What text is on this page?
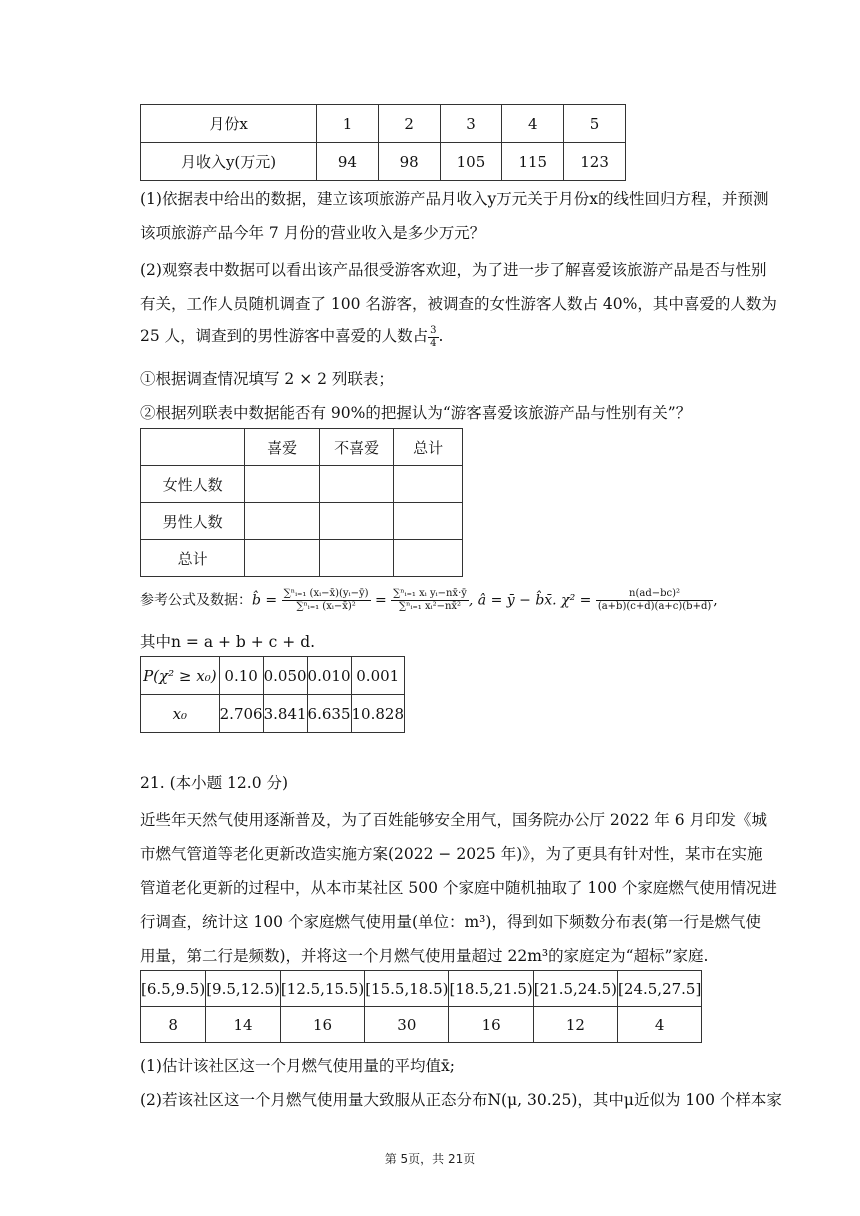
月份x	1	2	3	4	5
月收入y(万元)	94	98	105	115	123
(1)依据表中给出的数据，建立该项旅游产品月收入y万元关于月份x的线性回归方程，并预测
该项旅游产品今年 7 月份的营业收入是多少万元？
(2)观察表中数据可以看出该产品很受游客欢迎，为了进一步了解喜爱该旅游产品是否与性别
有关，工作人员随机调查了 100 名游客，被调查的女性游客人数占 40%，其中喜爱的人数为
25 人，调查到的男性游客中喜爱的人数占 $\frac{3}{4}$ .
①根据调查情况填写 2 × 2 列联表；
②根据列联表中数据能否有 90%的把握认为“游客喜爱该旅游产品与性别有关”？
	喜爱	不喜爱	总计
女性人数			
男性人数			
总计			
参考公式及数据：b̂ = $\frac{\text{∑ⁿᵢ₌₁ (xᵢ−x̄)(yᵢ−ȳ)}}{\text{∑ⁿᵢ₌₁ (xᵢ−x̄)²}} = \frac{\text{∑ⁿᵢ₌₁ xᵢ yᵢ−nx̄·ȳ}}{\text{∑ⁿᵢ₌₁ xᵢ²−nx̄²}}$ , â = ȳ − b̂x̄. $\chi^2 = \frac{\text{n(ad−bc)²}}{(a+b)(c+d)(a+c)(b+d)}$ ,
其中n = a + b + c + d.
P(χ² ≥ x₀)	0.10	0.050	0.010	0.001
x₀	2.706	3.841	6.635	10.828
21. (本小题 12.0 分)
近些年天然气使用逐渐普及，为了百姓能够安全用气，国务院办公厅 2022 年 6 月印发《城
市燃气管道等老化更新改造实施方案(2022 − 2025 年)》，为了更具有针对性，某市在实施
管道老化更新的过程中，从本市某社区 500 个家庭中随机抽取了 100 个家庭燃气使用情况进
行调查，统计这 100 个家庭燃气使用量(单位：m³)，得到如下频数分布表(第一行是燃气使
用量，第二行是频数)，并将这一个月燃气使用量超过 22m³的家庭定为“超标”家庭.
[6.5,9.5)	[9.5,12.5)	[12.5,15.5)	[15.5,18.5)	[18.5,21.5)	[21.5,24.5)	[24.5,27.5]
8	14	16	30	16	12	4
(1)估计该社区这一个月燃气使用量的平均值x̄;
(2)若该社区这一个月燃气使用量大致服从正态分布N(μ, 30.25)，其中μ近似为 100 个样本家
第 5页，共 21页
